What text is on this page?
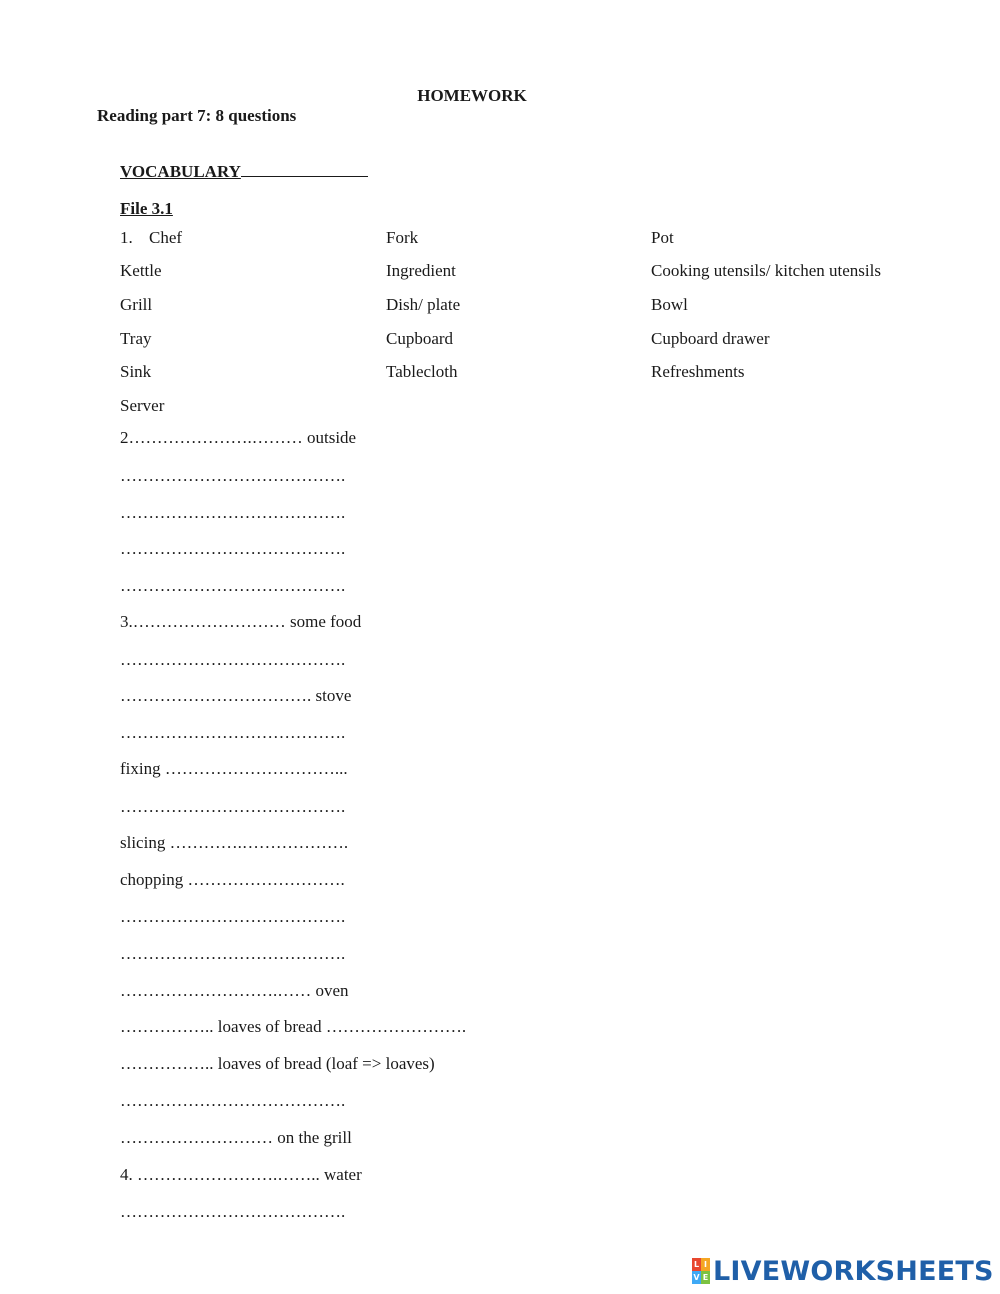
HOMEWORK
Reading part 7: 8 questions
VOCABULARY
File 3.1
1. Chef	Fork	Pot
Kettle	Ingredient	Cooking utensils/ kitchen utensils
Grill	Dish/ plate	Bowl
Tray	Cupboard	Cupboard drawer
Sink	Tablecloth	Refreshments
Server
2………………….……… outside
………………………………….
………………………………….
………………………………….
………………………………….
3.……………………… some food
………………………………….
……………………………. stove
………………………………….
fixing …………………………...
………………………………….
slicing ………….……………….
chopping ……………………….
………………………………….
………………………………….
……………………….…… oven
…………….. loaves of bread …………………….
…………….. loaves of bread (loaf => loaves)
………………………………….
……………………… on the grill
4. …………………….…….. water
………………………………….
L I
V E LIVEWORKSHEETS
